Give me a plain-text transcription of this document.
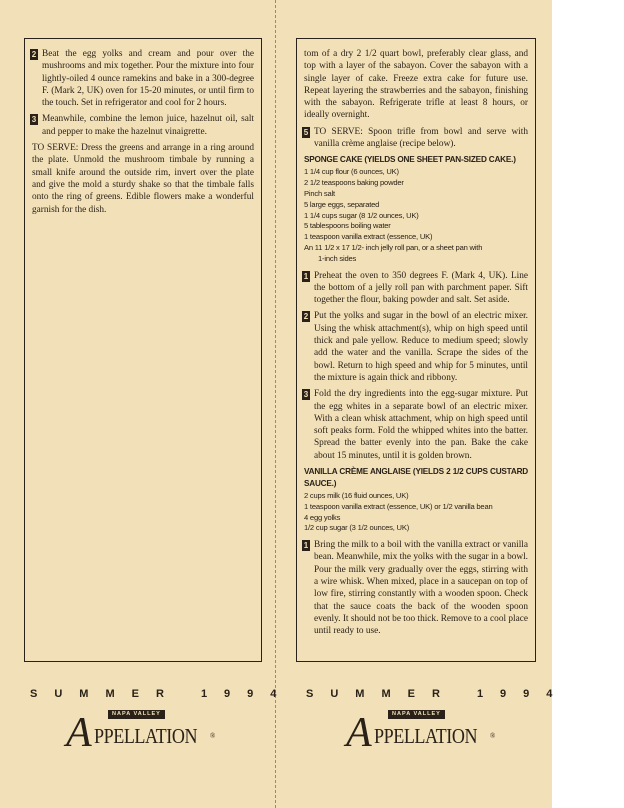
2 Beat the egg yolks and cream and pour over the mushrooms and mix together. Pour the mixture into four lightly-oiled 4 ounce ramekins and bake in a 300-degree F. (Mark 2, UK) oven for 15-20 minutes, or until firm to the touch. Set in refrigerator and cool for 2 hours.
3 Meanwhile, combine the lemon juice, hazelnut oil, salt and pepper to make the hazelnut vinaigrette.
TO SERVE: Dress the greens and arrange in a ring around the plate. Unmold the mushroom timbale by running a small knife around the outside rim, invert over the plate and give the mold a sturdy shake so that the timbale falls onto the ring of greens. Edible flowers make a wonderful garnish for the dish.
tom of a dry 2 1/2 quart bowl, preferably clear glass, and top with a layer of the sabayon. Cover the sabayon with a single layer of cake. Freeze extra cake for future use. Repeat layering the strawberries and the sabayon, finishing with the sabayon. Refrigerate trifle at least 8 hours, or ideally overnight.
5 TO SERVE: Spoon trifle from bowl and serve with vanilla crème anglaise (recipe below).
SPONGE CAKE (YIELDS ONE SHEET PAN-SIZED CAKE.)
1 1/4 cup flour (6 ounces, UK)
2 1/2 teaspoons baking powder
Pinch salt
5 large eggs, separated
1 1/4 cups sugar (8 1/2 ounces, UK)
5 tablespoons boiling water
1 teaspoon vanilla extract (essence, UK)
An 11 1/2 x 17 1/2- inch jelly roll pan, or a sheet pan with
1-inch sides
1 Preheat the oven to 350 degrees F. (Mark 4, UK). Line the bottom of a jelly roll pan with parchment paper. Sift together the flour, baking powder and salt. Set aside.
2 Put the yolks and sugar in the bowl of an electric mixer. Using the whisk attachment(s), whip on high speed until thick and pale yellow. Reduce to medium speed; slowly add the water and the vanilla. Scrape the sides of the bowl. Return to high speed and whip for 5 minutes, until the mixture is again thick and ribbony.
3 Fold the dry ingredients into the egg-sugar mixture. Put the egg whites in a separate bowl of an electric mixer. With a clean whisk attachment, whip on high speed until soft peaks form. Fold the whipped whites into the batter. Spread the batter evenly into the pan. Bake the cake about 15 minutes, until it is golden brown.
VANILLA CRÈME ANGLAISE (YIELDS 2 1/2 CUPS CUSTARD SAUCE.)
2 cups milk (16 fluid ounces, UK)
1 teaspoon vanilla extract (essence, UK) or 1/2 vanilla bean
4 egg yolks
1/2 cup sugar (3 1/2 ounces, UK)
1 Bring the milk to a boil with the vanilla extract or vanilla bean. Meanwhile, mix the yolks with the sugar in a bowl. Pour the milk very gradually over the eggs, stirring with a wire whisk. When mixed, place in a saucepan on top of low fire, stirring constantly with a wooden spoon. Check that the sauce coats the back of the wooden spoon evenly. It should not be too thick. Remove to a cool place until ready to use.
SUMMER 1994 SUMMER 1994
A	NAPA VALLEY
PPELLATION ®	A	NAPA VALLEY
PPELLATION ®
